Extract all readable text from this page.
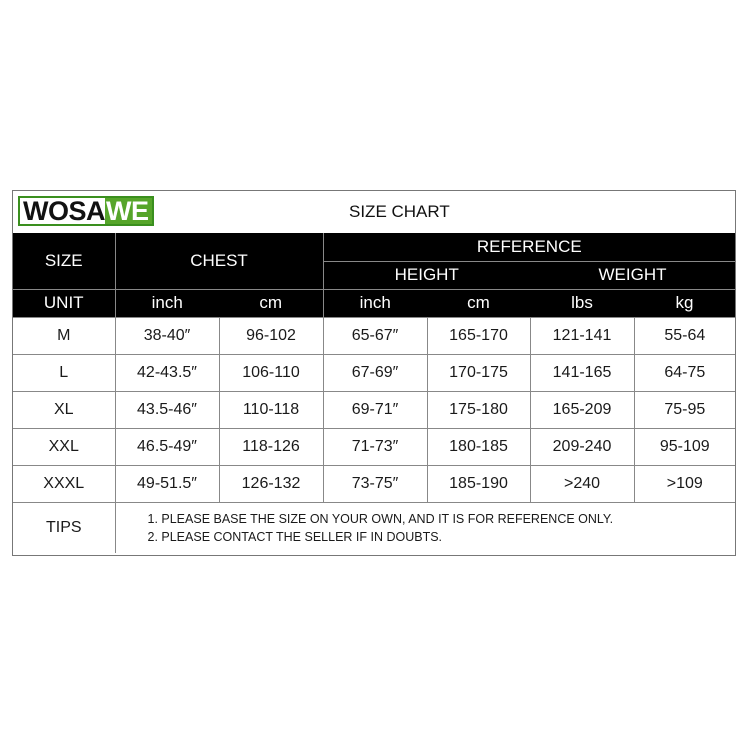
WOSA WE	SIZE CHART
SIZE	CHEST		REFERENCE			
			HEIGHT		WEIGHT	
UNIT	inch	cm	inch	cm	lbs	kg
M	38-40″	96-102	65-67″	165-170	121-141	55-64
L	42-43.5″	106-110	67-69″	170-175	141-165	64-75
XL	43.5-46″	110-118	69-71″	175-180	165-209	75-95
XXL	46.5-49″	118-126	71-73″	180-185	209-240	95-109
XXXL	49-51.5″	126-132	73-75″	185-190	>240	>109
TIPS	1. PLEASE BASE THE SIZE ON YOUR OWN, AND IT IS FOR REFERENCE ONLY.
2. PLEASE CONTACT THE SELLER IF IN DOUBTS.					
